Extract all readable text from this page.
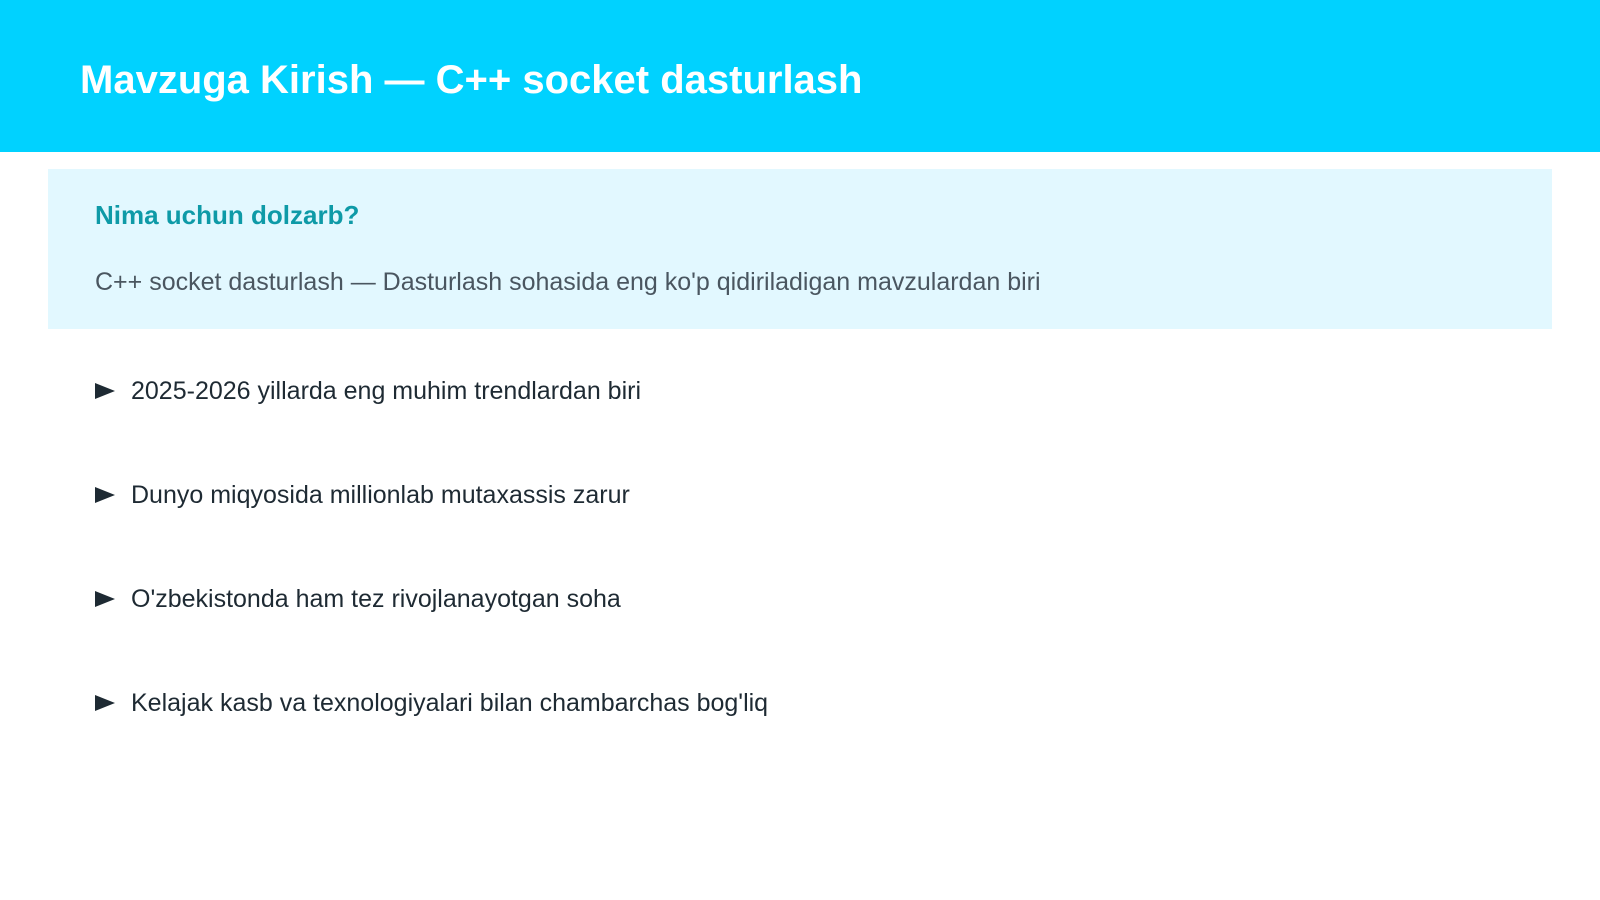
Mavzuga Kirish — C++ socket dasturlash
Nima uchun dolzarb?

C++ socket dasturlash — Dasturlash sohasida eng ko'p qidiriladigan mavzulardan biri

2025-2026 yillarda eng muhim trendlardan biri
Dunyo miqyosida millionlab mutaxassis zarur
O'zbekistonda ham tez rivojlanayotgan soha
Kelajak kasb va texnologiyalari bilan chambarchas bog'liq
